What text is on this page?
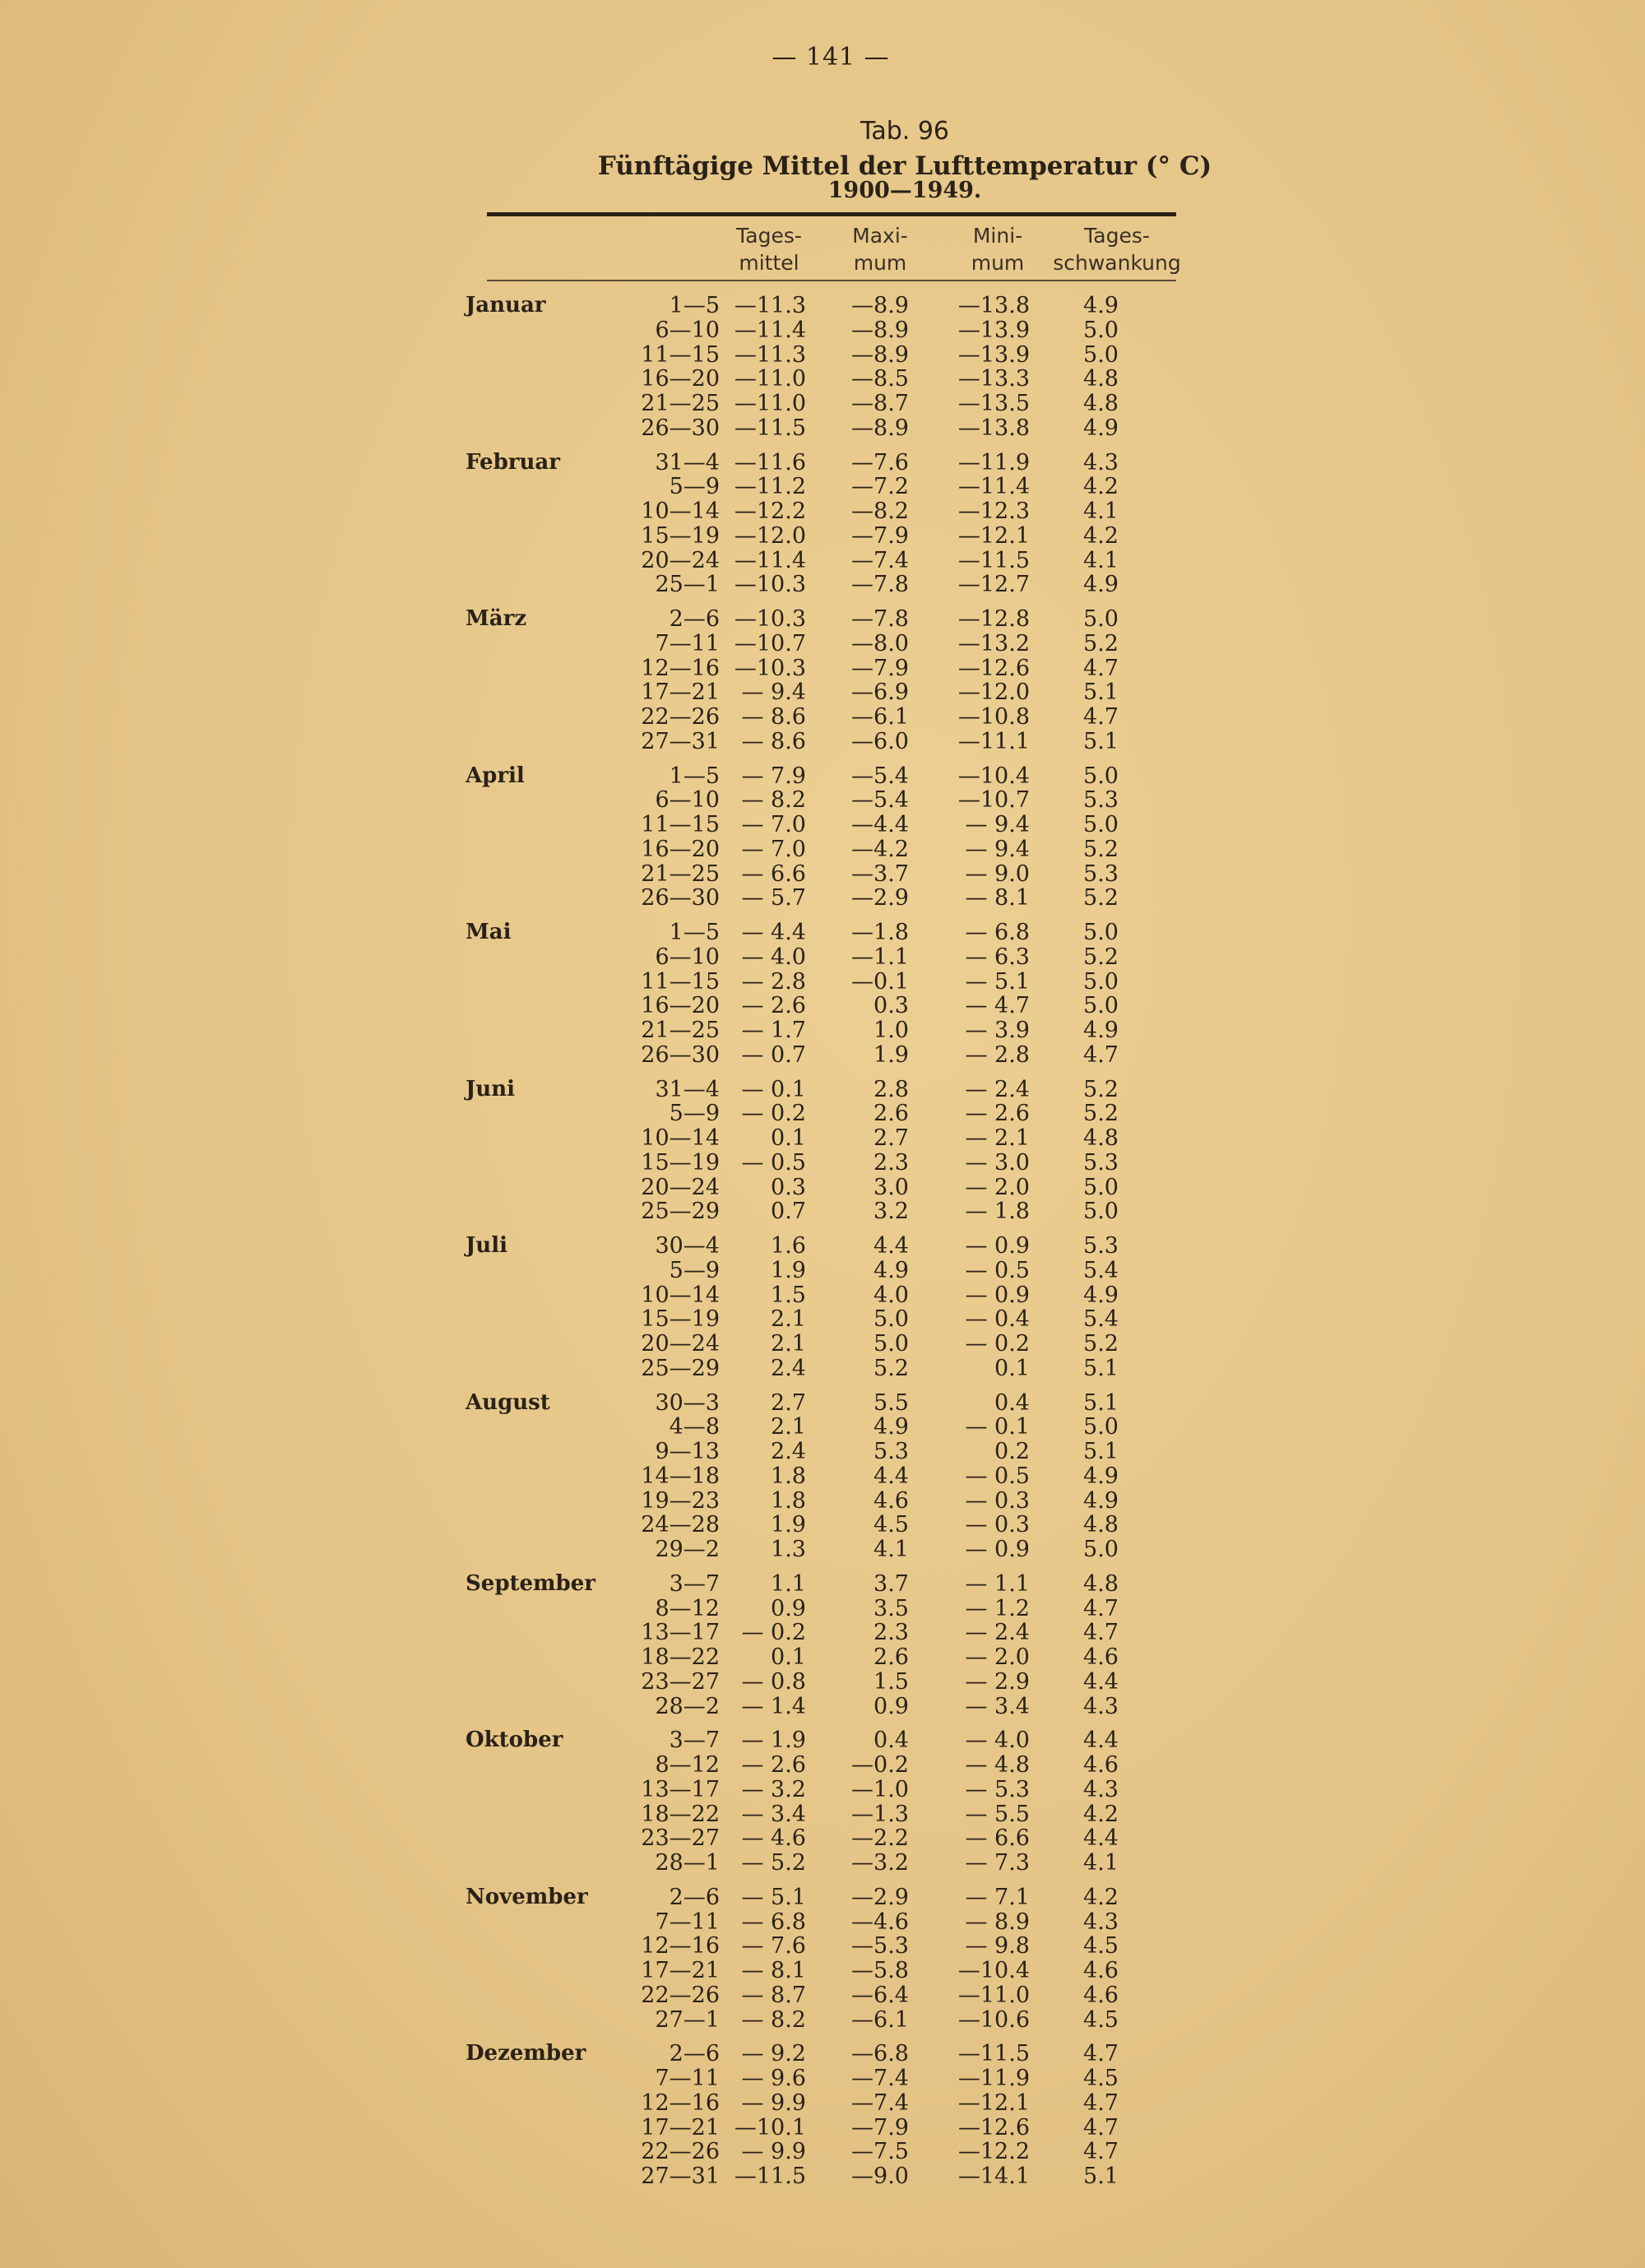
— 141 —
Tab. 96
Fünftägige Mittel der Lufttemperatur (° C)
1900—1949.
Tages-
mittel
Maxi-
mum
Mini-
mum
Tages-
schwankung
Januar	1—5 —11.3	—8.9	—13.8 4.9
6—10 —11.4	—8.9	—13.9 5.0
11—15 —11.3	—8.9	—13.9 5.0
16—20 —11.0	—8.5	—13.3 4.8
21—25 —11.0	—8.7	—13.5 4.8
26—30 —11.5	—8.9	—13.8 4.9
Februar	31—4 —11.6	—7.6	—11.9 4.3
5—9 —11.2	—7.2	—11.4 4.2
10—14 —12.2	—8.2	—12.3 4.1
15—19 —12.0	—7.9	—12.1 4.2
20—24 —11.4	—7.4	—11.5 4.1
25—1 —10.3	—7.8	—12.7 4.9
März	2—6 —10.3	—7.8	—12.8 5.0
7—11 —10.7	—8.0	—13.2 5.2
12—16 —10.3	—7.9	—12.6 4.7
17—21 — 9.4	—6.9	—12.0 5.1
22—26 — 8.6	—6.1	—10.8 4.7
27—31 — 8.6	—6.0	—11.1 5.1
April	1—5 — 7.9	—5.4	—10.4 5.0
6—10 — 8.2	—5.4	—10.7 5.3
11—15 — 7.0	—4.4	— 9.4 5.0
16—20 — 7.0	—4.2	— 9.4 5.2
21—25 — 6.6	—3.7	— 9.0 5.3
26—30 — 5.7	—2.9	— 8.1 5.2
Mai	1—5 — 4.4	—1.8	— 6.8 5.0
6—10 — 4.0	—1.1	— 6.3 5.2
11—15 — 2.8	—0.1	— 5.1 5.0
16—20 — 2.6	0.3	— 4.7 5.0
21—25 — 1.7	1.0	— 3.9 4.9
26—30 — 0.7	1.9	— 2.8 4.7
Juni	31—4 — 0.1	2.8	— 2.4 5.2
5—9 — 0.2	2.6	— 2.6 5.2
10—14	0.1	2.7	— 2.1 4.8
15—19 — 0.5	2.3	— 3.0 5.3
20—24	0.3	3.0	— 2.0 5.0
25—29	0.7	3.2	— 1.8 5.0
Juli	30—4	1.6	4.4	— 0.9 5.3
5—9	1.9	4.9	— 0.5 5.4
10—14	1.5	4.0	— 0.9 4.9
15—19	2.1	5.0	— 0.4 5.4
20—24	2.1	5.0	— 0.2 5.2
25—29	2.4	5.2	0.1 5.1
August	30—3	2.7	5.5	0.4 5.1
4—8	2.1	4.9	— 0.1 5.0
9—13	2.4	5.3	0.2 5.1
14—18	1.8	4.4	— 0.5 4.9
19—23	1.8	4.6	— 0.3 4.9
24—28	1.9	4.5	— 0.3 4.8
29—2	1.3	4.1	— 0.9 5.0
September	3—7	1.1	3.7	— 1.1 4.8
8—12	0.9	3.5	— 1.2 4.7
13—17 — 0.2	2.3	— 2.4 4.7
18—22	0.1	2.6	— 2.0 4.6
23—27 — 0.8	1.5	— 2.9 4.4
28—2 — 1.4	0.9	— 3.4 4.3
Oktober	3—7 — 1.9	0.4	— 4.0 4.4
8—12 — 2.6	—0.2	— 4.8 4.6
13—17 — 3.2	—1.0	— 5.3 4.3
18—22 — 3.4	—1.3	— 5.5 4.2
23—27 — 4.6	—2.2	— 6.6 4.4
28—1 — 5.2	—3.2	— 7.3 4.1
November	2—6 — 5.1	—2.9	— 7.1 4.2
7—11 — 6.8	—4.6	— 8.9 4.3
12—16 — 7.6	—5.3	— 9.8 4.5
17—21 — 8.1	—5.8	—10.4 4.6
22—26 — 8.7	—6.4	—11.0 4.6
27—1 — 8.2	—6.1	—10.6 4.5
Dezember	2—6 — 9.2	—6.8	—11.5 4.7
7—11 — 9.6	—7.4	—11.9 4.5
12—16 — 9.9	—7.4	—12.1 4.7
17—21 —10.1	—7.9	—12.6 4.7
22—26 — 9.9	—7.5	—12.2 4.7
27—31 —11.5	—9.0	—14.1 5.1
